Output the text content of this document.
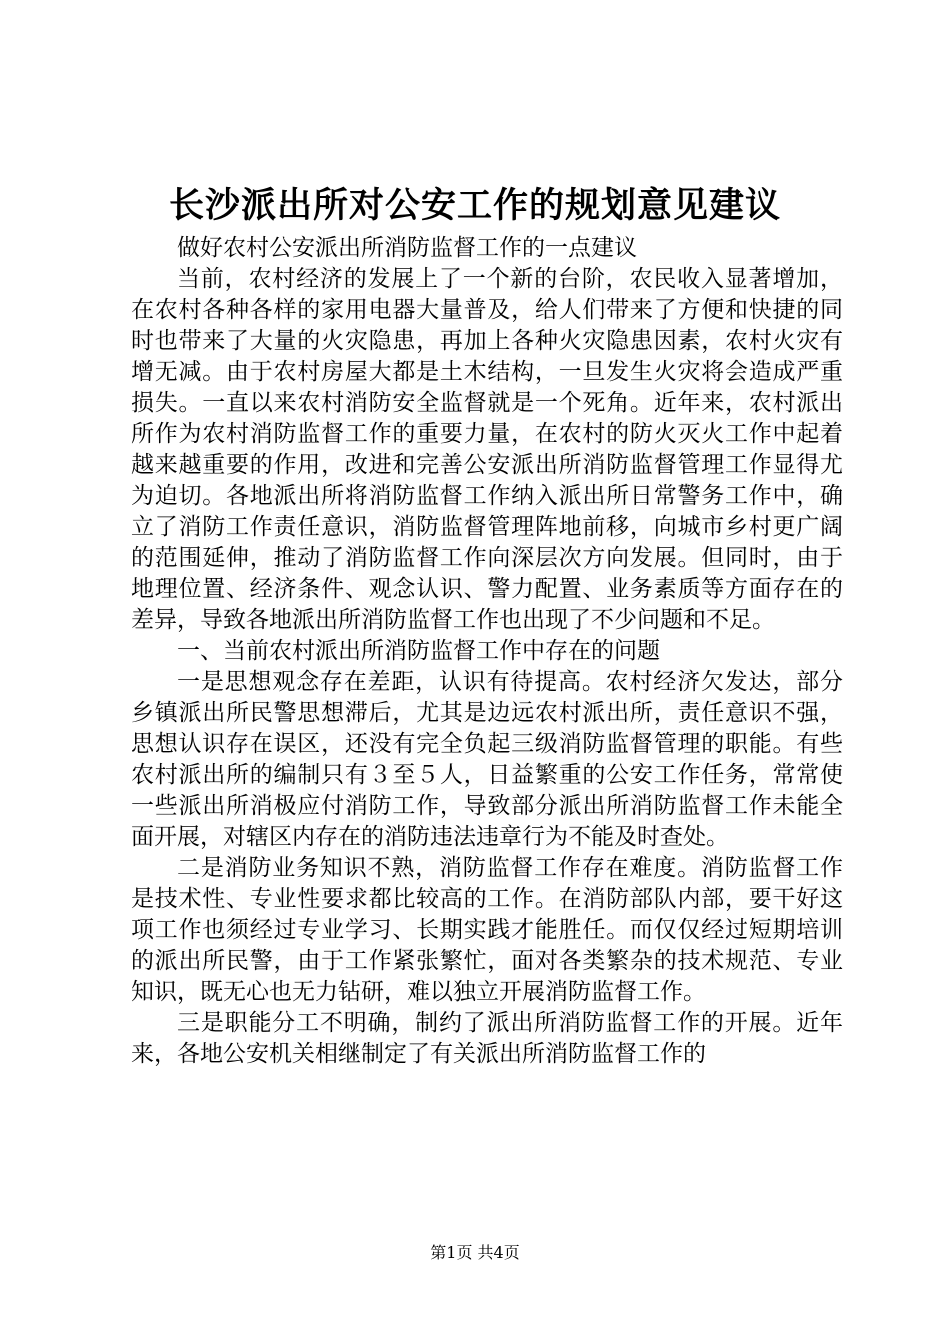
长沙派出所对公安工作的规划意见建议

做好农村公安派出所消防监督工作的一点建议

当前，农村经济的发展上了一个新的台阶，农民收入显著增加，在农村各种各样的家用电器大量普及，给人们带来了方便和快捷的同时也带来了大量的火灾隐患，再加上各种火灾隐患因素，农村火灾有增无减。由于农村房屋大都是土木结构，一旦发生火灾将会造成严重损失。一直以来农村消防安全监督就是一个死角。近年来，农村派出所作为农村消防监督工作的重要力量，在农村的防火灭火工作中起着越来越重要的作用，改进和完善公安派出所消防监督管理工作显得尤为迫切。各地派出所将消防监督工作纳入派出所日常警务工作中，确立了消防工作责任意识，消防监督管理阵地前移，向城市乡村更广阔的范围延伸，推动了消防监督工作向深层次方向发展。但同时，由于地理位置、经济条件、观念认识、警力配置、业务素质等方面存在的差异，导致各地派出所消防监督工作也出现了不少问题和不足。

一、当前农村派出所消防监督工作中存在的问题

一是思想观念存在差距，认识有待提高。农村经济欠发达，部分乡镇派出所民警思想滞后，尤其是边远农村派出所，责任意识不强，思想认识存在误区，还没有完全负起三级消防监督管理的职能。有些农村派出所的编制只有３至５人，日益繁重的公安工作任务，常常使一些派出所消极应付消防工作，导致部分派出所消防监督工作未能全面开展，对辖区内存在的消防违法违章行为不能及时查处。

二是消防业务知识不熟，消防监督工作存在难度。消防监督工作是技术性、专业性要求都比较高的工作。在消防部队内部，要干好这项工作也须经过专业学习、长期实践才能胜任。而仅仅经过短期培训的派出所民警，由于工作紧张繁忙，面对各类繁杂的技术规范、专业知识，既无心也无力钻研，难以独立开展消防监督工作。

三是职能分工不明确，制约了派出所消防监督工作的开展。近年来，各地公安机关相继制定了有关派出所消防监督工作的

第1页 共4页
